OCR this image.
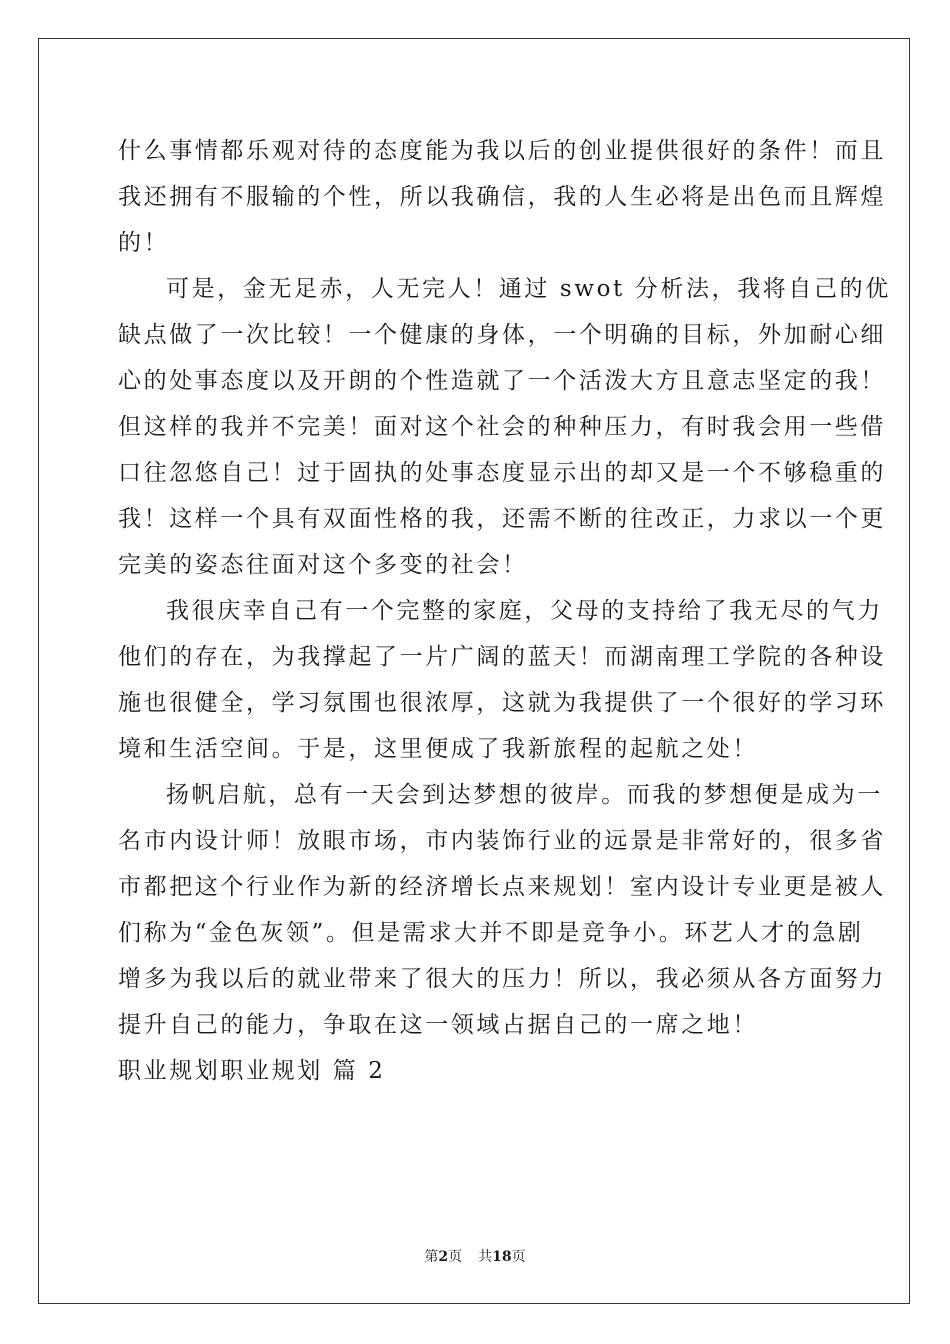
什么事情都乐观对待的态度能为我以后的创业提供很好的条件！而且
我还拥有不服输的个性，所以我确信，我的人生必将是出色而且辉煌
的！
可是，金无足赤，人无完人！通过 swot 分析法，我将自己的优
缺点做了一次比较！一个健康的身体，一个明确的目标，外加耐心细
心的处事态度以及开朗的个性造就了一个活泼大方且意志坚定的我！
但这样的我并不完美！面对这个社会的种种压力，有时我会用一些借
口往忽悠自己！过于固执的处事态度显示出的却又是一个不够稳重的
我！这样一个具有双面性格的我，还需不断的往改正，力求以一个更
完美的姿态往面对这个多变的社会！
我很庆幸自己有一个完整的家庭，父母的支持给了我无尽的气力
他们的存在，为我撑起了一片广阔的蓝天！而湖南理工学院的各种设
施也很健全，学习氛围也很浓厚，这就为我提供了一个很好的学习环
境和生活空间。于是，这里便成了我新旅程的起航之处！
扬帆启航，总有一天会到达梦想的彼岸。而我的梦想便是成为一
名市内设计师！放眼市场，市内装饰行业的远景是非常好的，很多省
市都把这个行业作为新的经济增长点来规划！室内设计专业更是被人
们称为“金色灰领”。但是需求大并不即是竞争小。环艺人才的急剧
增多为我以后的就业带来了很大的压力！所以，我必须从各方面努力
提升自己的能力，争取在这一领域占据自己的一席之地！
职业规划职业规划 篇 2
第2页 共18页
